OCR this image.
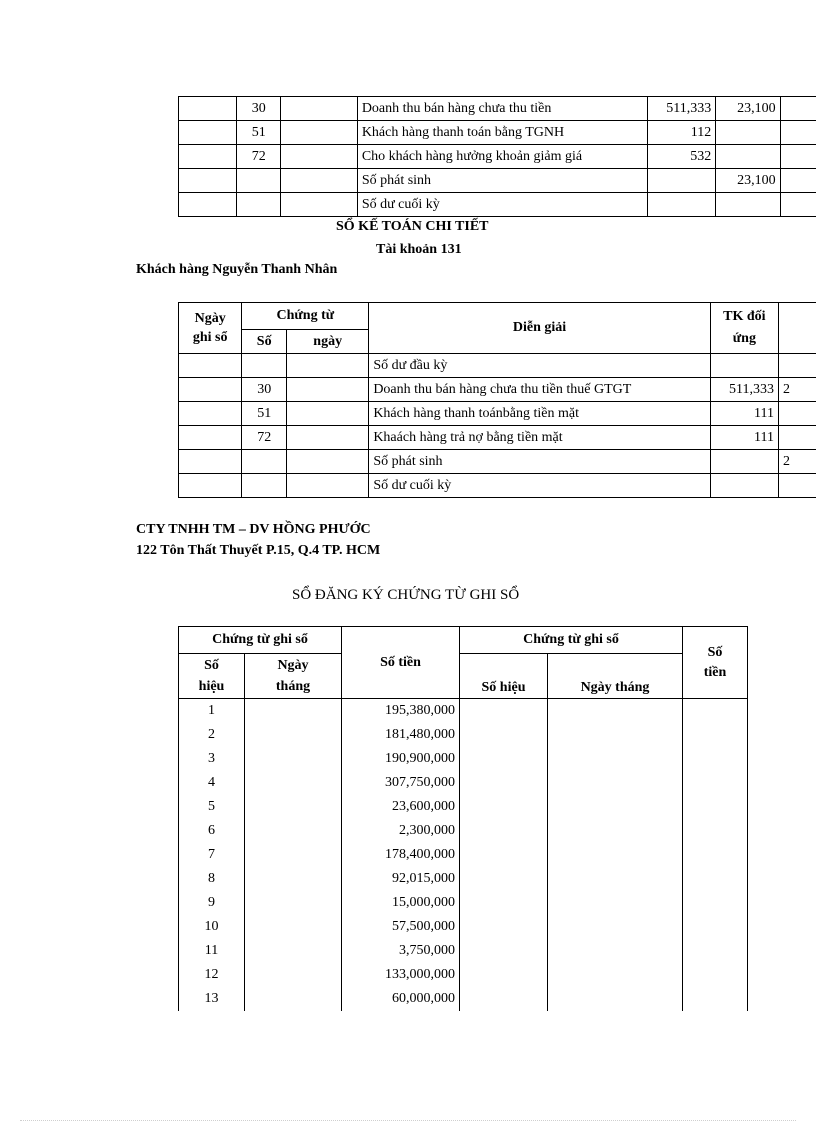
	30		Doanh thu bán hàng chưa thu tiền	511,333	23,100	
	51		Khách hàng thanh toán bằng TGNH	112		
	72		Cho khách hàng hưởng khoản giảm giá	532		
			Số phát sinh		23,100	
			Số dư cuối kỳ			
SỔ KẾ TOÁN CHI TIẾT
Tài khoản 131
Khách hàng Nguyễn Thanh Nhân
Ngày
ghi sổ	Chứng từ		Diễn giải	TK đối
ứng	
	Số	ngày			
			Số dư đầu kỳ		
	30		Doanh thu bán hàng chưa thu tiền thuế GTGT	511,333	2
	51		Khách hàng thanh toánbằng tiền mặt	111	
	72		Khaách hàng trả nợ bằng tiền mặt	111	
			Số phát sinh		2
			Số dư cuối kỳ		
CTY TNHH TM – DV HỒNG PHƯỚC
122 Tôn Thất Thuyết P.15, Q.4 TP. HCM
SỔ ĐĂNG KÝ CHỨNG TỪ GHI SỔ
Chứng từ ghi sổ		Số tiền	Chứng từ ghi sổ		Số
tiền
Số
hiệu	Ngày
tháng		Số hiệu	Ngày tháng	
1		195,380,000			
2		181,480,000			
3		190,900,000			
4		307,750,000			
5		23,600,000			
6		2,300,000			
7		178,400,000			
8		92,015,000			
9		15,000,000			
10		57,500,000			
11		3,750,000			
12		133,000,000			
13		60,000,000			
